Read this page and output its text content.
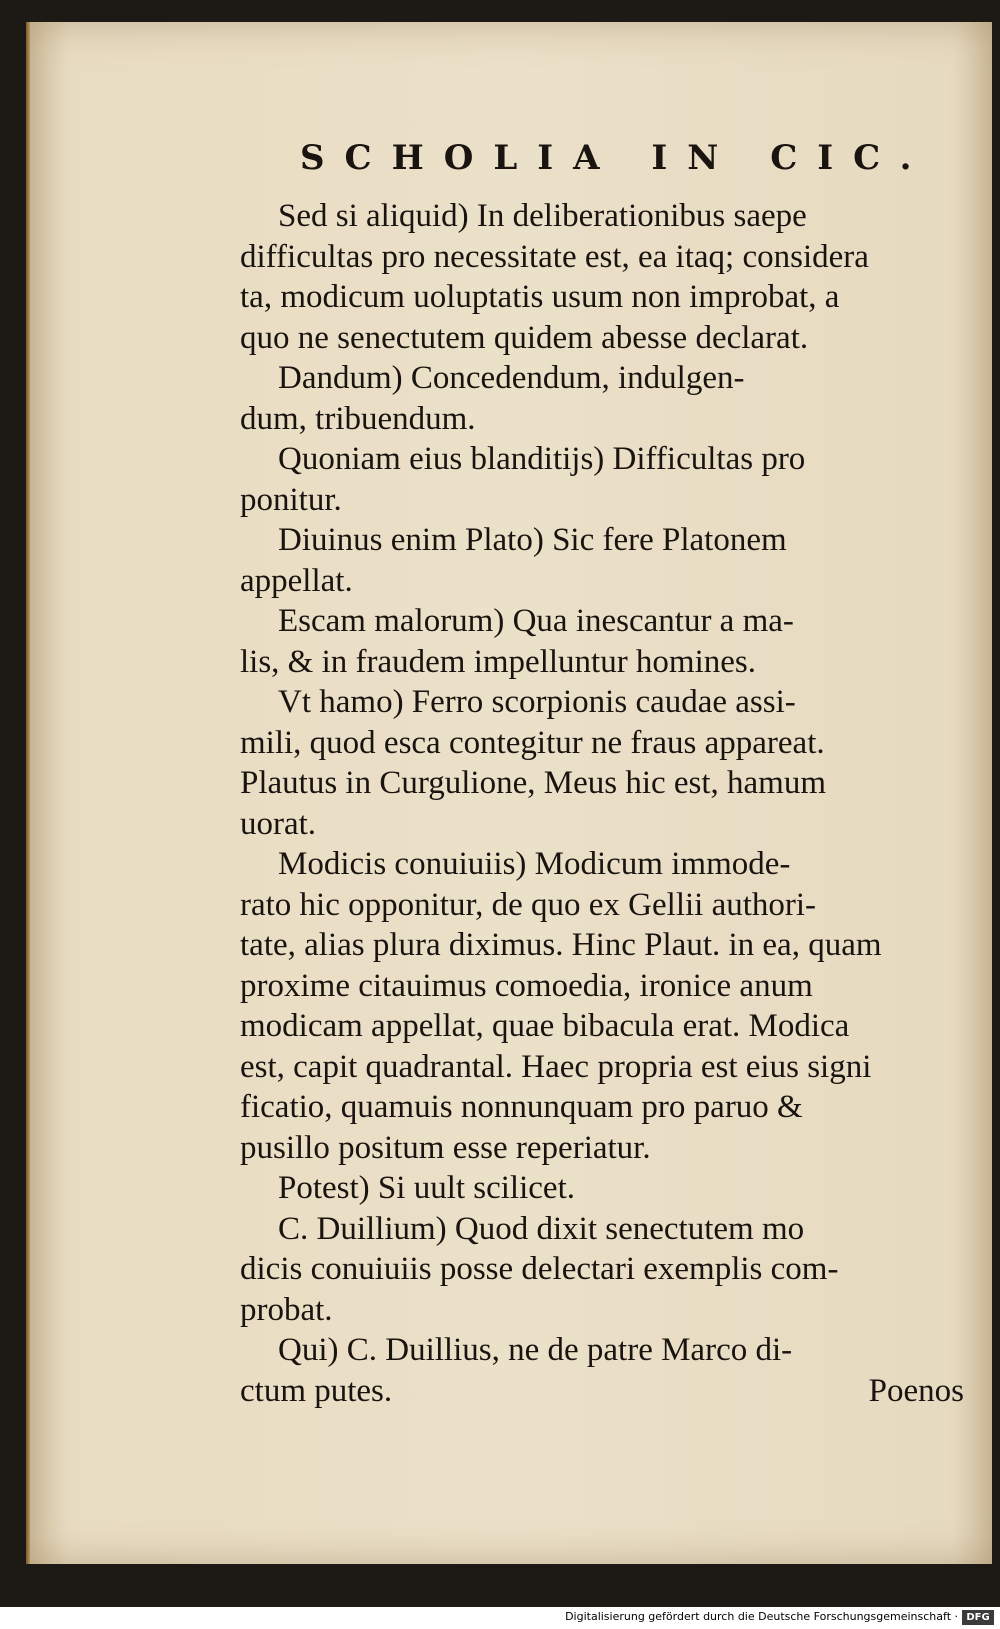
SCHOLIA IN CIC.
Sed si aliquid) In deliberationibus saepe
difficultas pro necessitate est, ea itaq; considera
ta, modicum uoluptatis usum non improbat, a
quo ne senectutem quidem abesse declarat.
Dandum) Concedendum, indulgen-
dum, tribuendum.
Quoniam eius blanditijs) Difficultas pro
ponitur.
Diuinus enim Plato) Sic fere Platonem
appellat.
Escam malorum) Qua inescantur a ma-
lis, & in fraudem impelluntur homines.
Vt hamo) Ferro scorpionis caudae assi-
mili, quod esca contegitur ne fraus appareat.
Plautus in Curgulione, Meus hic est, hamum
uorat.
Modicis conuiuiis) Modicum immode-
rato hic opponitur, de quo ex Gellii authori-
tate, alias plura diximus. Hinc Plaut. in ea, quam
proxime citauimus comoedia, ironice anum
modicam appellat, quae bibacula erat. Modica
est, capit quadrantal. Haec propria est eius signi
ficatio, quamuis nonnunquam pro paruo &
pusillo positum esse reperiatur.
Potest) Si uult scilicet.
C. Duillium) Quod dixit senectutem mo
dicis conuiuiis posse delectari exemplis com-
probat.
Qui) C. Duillius, ne de patre Marco di-
ctum putes.	Poenos
Digitalisierung gefördert durch die Deutsche Forschungsgemeinschaft · DFG
